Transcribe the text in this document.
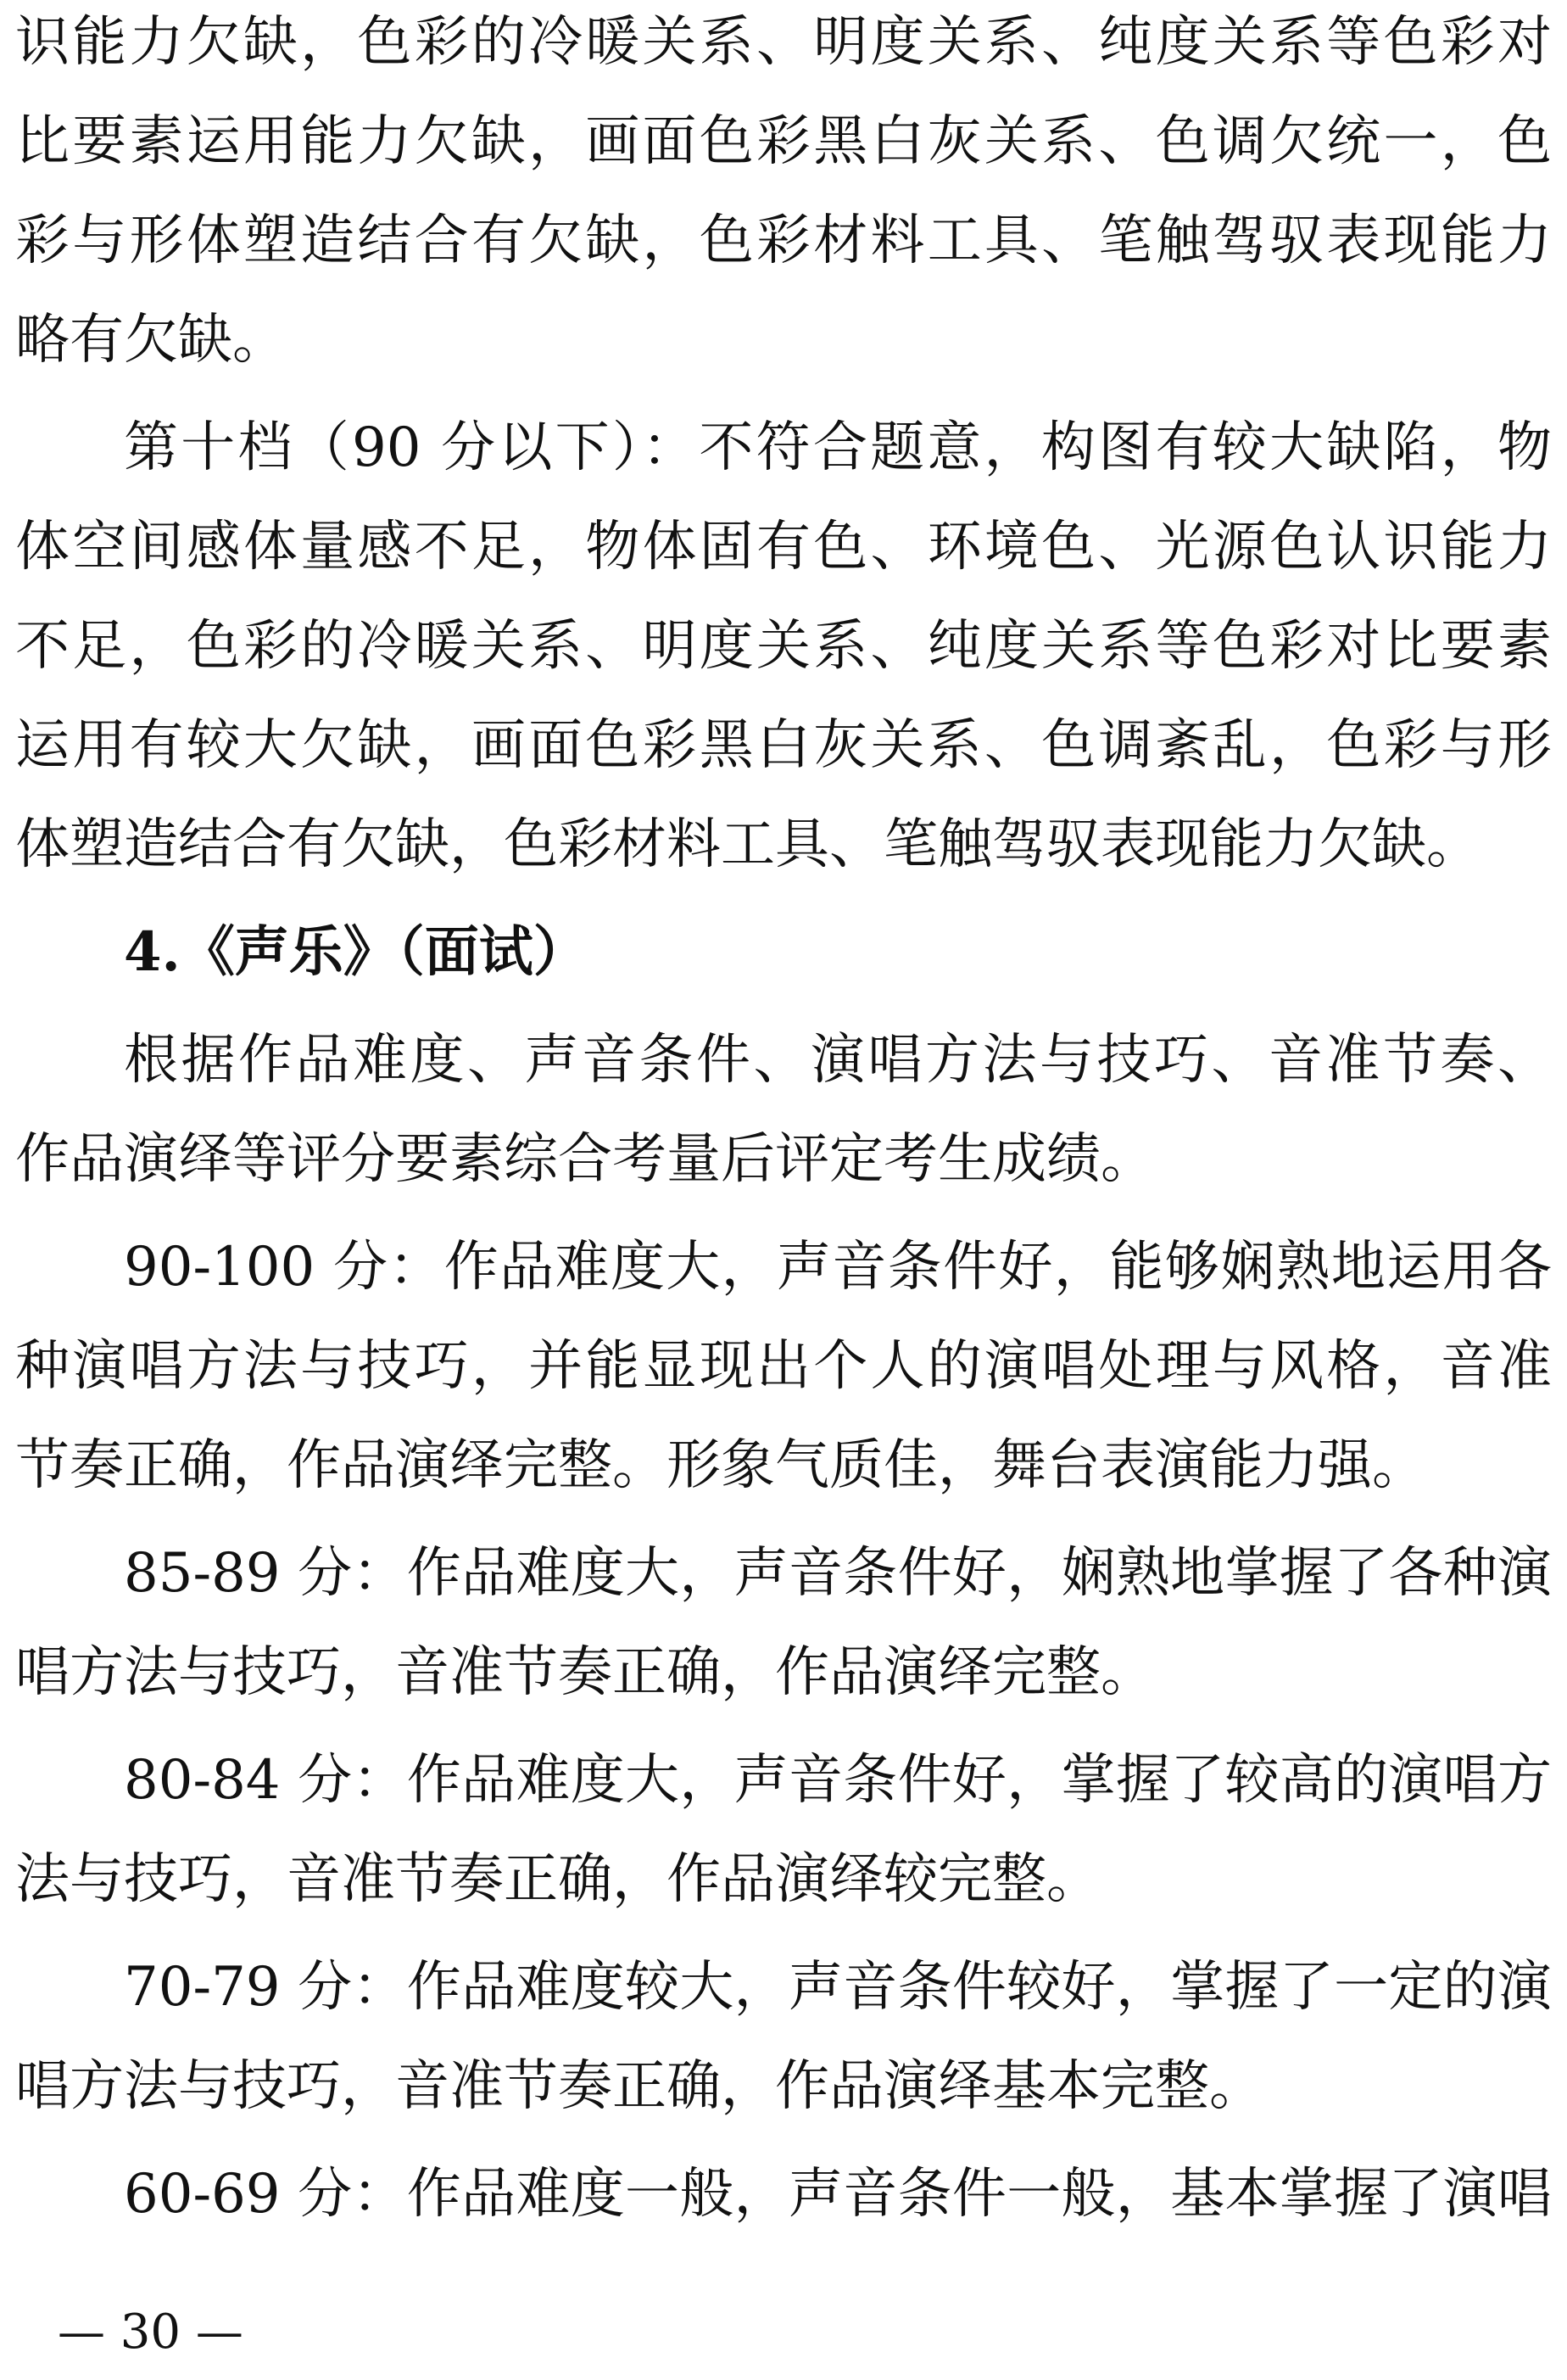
识能力欠缺，色彩的冷暖关系、明度关系、纯度关系等色彩对
比要素运用能力欠缺，画面色彩黑白灰关系、色调欠统一，色
彩与形体塑造结合有欠缺，色彩材料工具、笔触驾驭表现能力
略有欠缺。
第十档（90 分以下）：不符合题意，构图有较大缺陷，物
体空间感体量感不足，物体固有色、环境色、光源色认识能力
不足，色彩的冷暖关系、明度关系、纯度关系等色彩对比要素
运用有较大欠缺，画面色彩黑白灰关系、色调紊乱，色彩与形
体塑造结合有欠缺，色彩材料工具、笔触驾驭表现能力欠缺。
4.《声乐》（面试）
根据作品难度、声音条件、演唱方法与技巧、音准节奏、
作品演绎等评分要素综合考量后评定考生成绩。
90-100 分：作品难度大，声音条件好，能够娴熟地运用各
种演唱方法与技巧，并能显现出个人的演唱处理与风格，音准
节奏正确，作品演绎完整。形象气质佳，舞台表演能力强。
85-89 分：作品难度大，声音条件好，娴熟地掌握了各种演
唱方法与技巧，音准节奏正确，作品演绎完整。
80-84 分：作品难度大，声音条件好，掌握了较高的演唱方
法与技巧，音准节奏正确，作品演绎较完整。
70-79 分：作品难度较大，声音条件较好，掌握了一定的演
唱方法与技巧，音准节奏正确，作品演绎基本完整。
60-69 分：作品难度一般，声音条件一般，基本掌握了演唱
— 30 —
